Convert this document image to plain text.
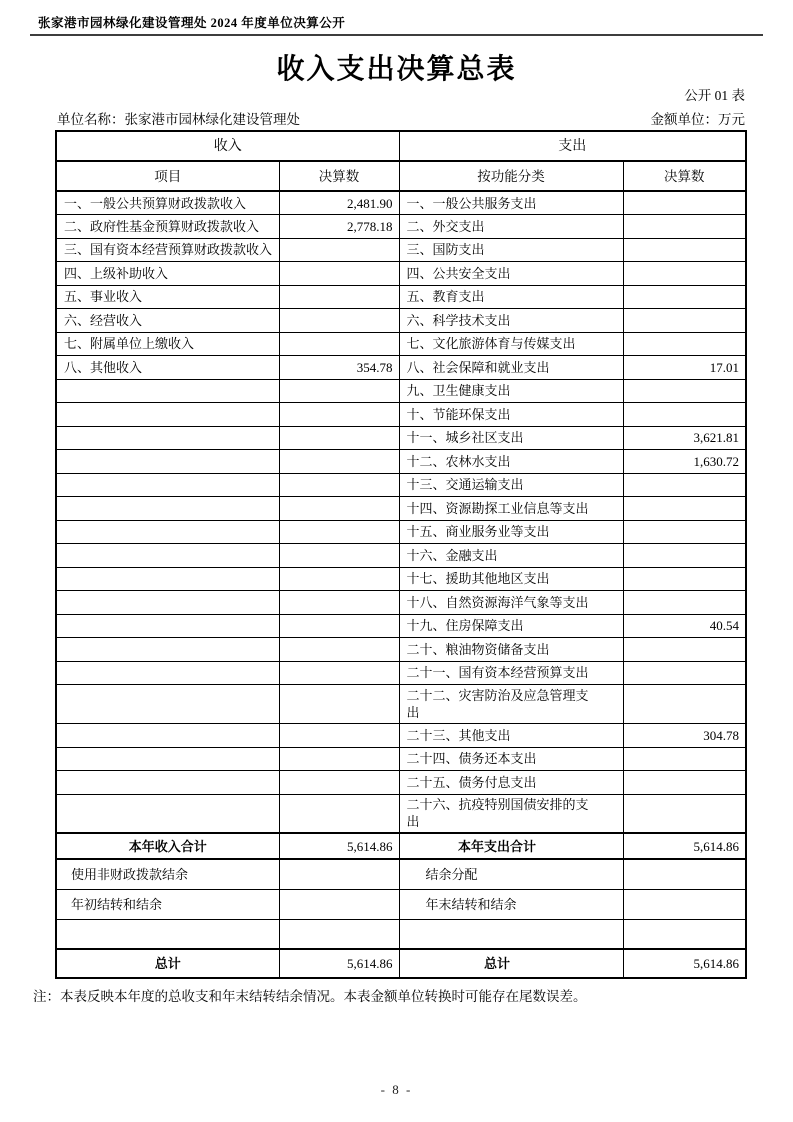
张家港市园林绿化建设管理处 2024 年度单位决算公开
收入支出决算总表
公开 01 表
单位名称：张家港市园林绿化建设管理处	金额单位：万元
收入		支出	
项目	决算数	按功能分类	决算数
一、一般公共预算财政拨款收入	2,481.90	一、一般公共服务支出	
二、政府性基金预算财政拨款收入	2,778.18	二、外交支出	
三、国有资本经营预算财政拨款收入		三、国防支出	
四、上级补助收入		四、公共安全支出	
五、事业收入		五、教育支出	
六、经营收入		六、科学技术支出	
七、附属单位上缴收入		七、文化旅游体育与传媒支出	
八、其他收入	354.78	八、社会保障和就业支出	17.01
		九、卫生健康支出	
		十、节能环保支出	
		十一、城乡社区支出	3,621.81
		十二、农林水支出	1,630.72
		十三、交通运输支出	
		十四、资源勘探工业信息等支出	
		十五、商业服务业等支出	
		十六、金融支出	
		十七、援助其他地区支出	
		十八、自然资源海洋气象等支出	
		十九、住房保障支出	40.54
		二十、粮油物资储备支出	
		二十一、国有资本经营预算支出	
		二十二、灾害防治及应急管理支出	
		二十三、其他支出	304.78
		二十四、债务还本支出	
		二十五、债务付息支出	
		二十六、抗疫特别国债安排的支出	
本年收入合计	5,614.86	本年支出合计	5,614.86
使用非财政拨款结余		结余分配	
年初结转和结余		年末结转和结余	

总计	5,614.86	总计	5,614.86
注：本表反映本年度的总收支和年末结转结余情况。本表金额单位转换时可能存在尾数误差。
- 8 -
